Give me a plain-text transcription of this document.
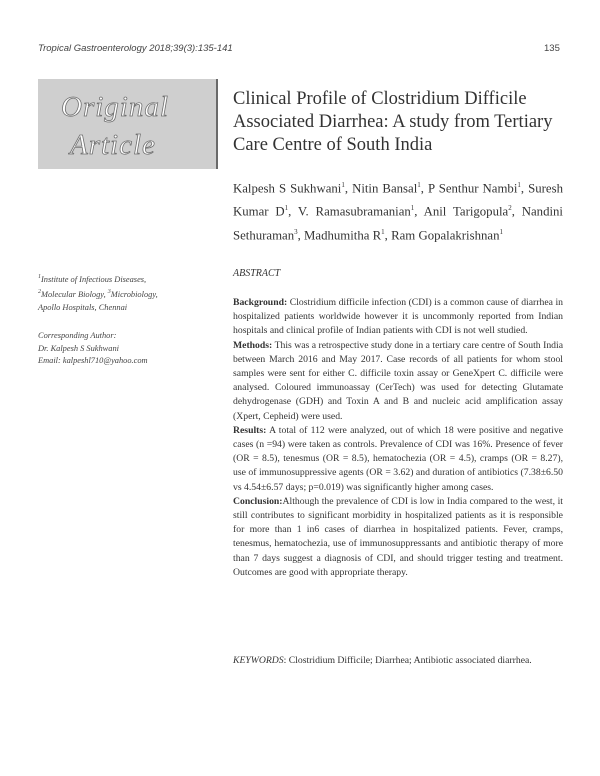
Tropical Gastroenterology 2018;39(3):135-141	135
Original
Article
Clinical Profile of Clostridium Difficile Associated Diarrhea: A study from Tertiary Care Centre of South India
Kalpesh S Sukhwani$^1$, Nitin Bansal$^1$, P Senthur Nambi$^1$, Suresh Kumar $D^1$, V. Ramasubramanian$^1$, Anil Tarigopula$^2$, Nandini Sethuraman$^3$, Madhumitha $R^1$, Ram Gopalakrishnan$^1$
$^1$Institute of Infectious Diseases,
$^2$Molecular Biology, $^3$Microbiology,
Apollo Hospitals, Chennai
Corresponding Author:
Dr. Kalpesh S Sukhwani
Email: kalpeshl710@yahoo.com
ABSTRACT

Background: Clostridium difficile infection (CDI) is a common cause of diarrhea in hospitalized patients worldwide however it is uncommonly reported from Indian hospitals and clinical profile of Indian patients with CDI is not well studied.

Methods: This was a retrospective study done in a tertiary care centre of South India between March 2016 and May 2017. Case records of all patients for whom stool samples were sent for either C. difficile toxin assay or GeneXpert C. difficile were analysed. Coloured immunoassay (CerTech) was used for detecting Glutamate dehydrogenase (GDH) and Toxin A and B and nucleic acid amplification assay (Xpert, Cepheid) were used.

Results: A total of 112 were analyzed, out of which 18 were positive and negative cases (n =94) were taken as controls. Prevalence of CDI was 16%. Presence of fever (OR = 8.5), tenesmus (OR = 8.5), hematochezia (OR = 4.5), cramps (OR = 8.27), use of immunosuppressive agents (OR = 3.62) and duration of antibiotics (7.38±6.50 vs 4.54±6.57 days; p=0.019) was significantly higher among cases.

Conclusion:Although the prevalence of CDI is low in India compared to the west, it still contributes to significant morbidity in hospitalized patients as it is responsible for more than 1 in6 cases of diarrhea in hospitalized patients. Fever, cramps, tenesmus, hematochezia, use of immunosuppressants and antibiotic therapy of more than 7 days suggest a diagnosis of CDI, and should trigger testing and treatment. Outcomes are good with appropriate therapy.

KEYWORDS: Clostridium Difficile; Diarrhea; Antibiotic associated diarrhea.
